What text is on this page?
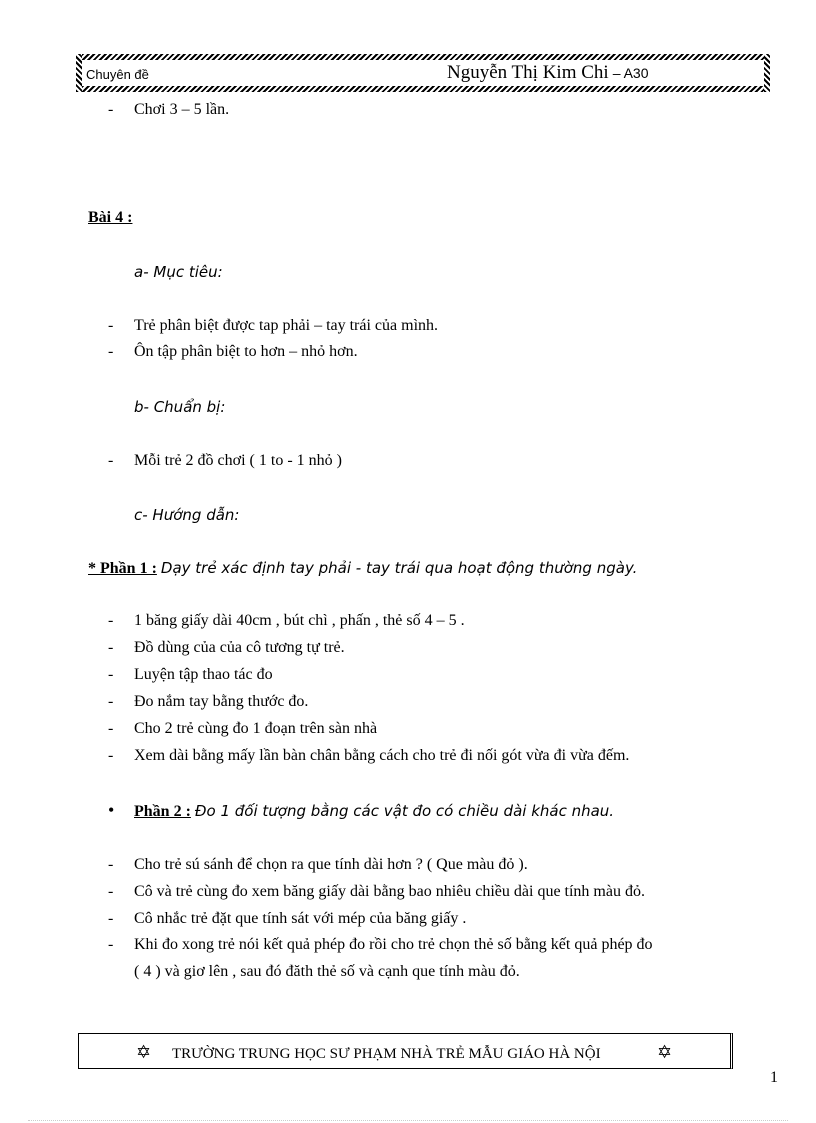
Chuyên đề	Nguyễn Thị Kim Chi – A30
- Chơi 3 – 5 lần.
Bài 4 :
a- Mục tiêu:
- Trẻ phân biệt được tap phải – tay trái của mình.
- Ôn tập phân biệt to hơn – nhỏ hơn.
b- Chuẩn bị:
- Mỗi trẻ 2 đồ chơi ( 1 to - 1 nhỏ )
c- Hướng dẫn:
* Phần 1 : Dạy trẻ xác định tay phải - tay trái qua hoạt động thường ngày.
- 1 băng giấy dài 40cm , bút chì , phấn , thẻ số 4 – 5 .
- Đồ dùng của của cô tương tự trẻ.
- Luyện tập thao tác đo
- Đo nắm tay bằng thước đo.
- Cho 2 trẻ cùng đo 1 đoạn trên sàn nhà
- Xem dài bằng mấy lần bàn chân bằng cách cho trẻ đi nối gót vừa đi vừa đếm.
• Phần 2 : Đo 1 đối tượng bằng các vật đo có chiều dài khác nhau.
- Cho trẻ sú sánh để chọn ra que tính dài hơn ? ( Que màu đỏ ).
- Cô và trẻ cùng đo xem băng giấy dài bằng bao nhiêu chiều dài que tính màu đỏ.
- Cô nhắc trẻ đặt que tính sát với mép của băng giấy .
- Khi đo xong trẻ nói kết quả phép đo rồi cho trẻ chọn thẻ số bằng kết quả phép đo
( 4 ) và giơ lên , sau đó đăth thẻ số và cạnh que tính màu đỏ.
✡ TRƯỜNG TRUNG HỌC SƯ PHẠM NHÀ TRẺ MẪU GIÁO HÀ NỘI	✡
1
